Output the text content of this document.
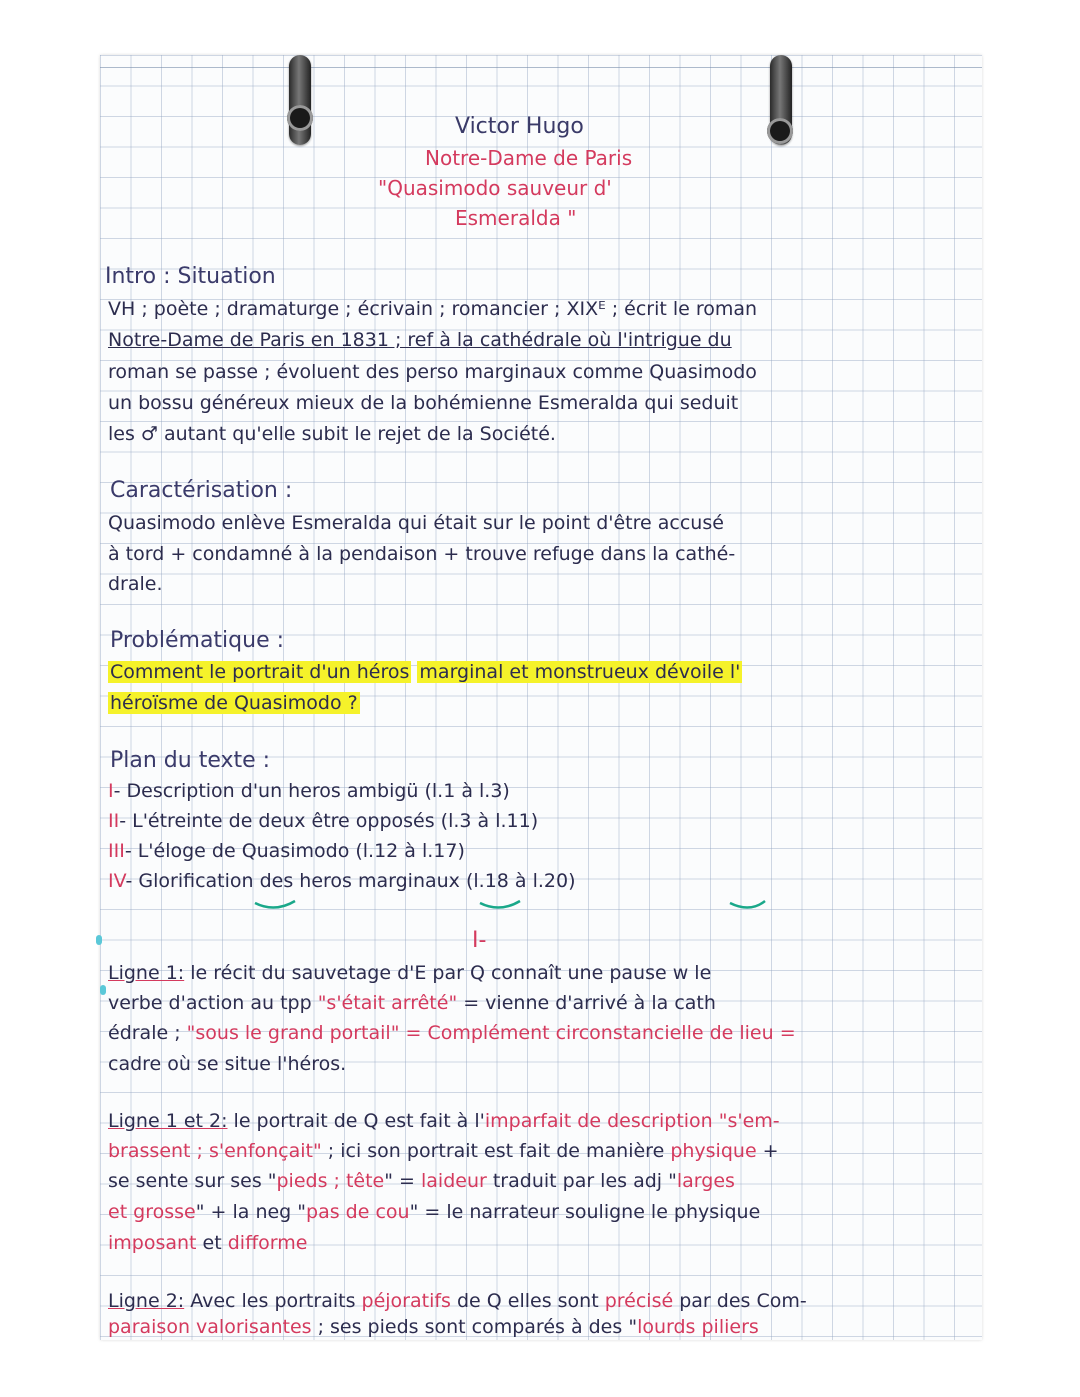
Victor Hugo
Notre-Dame de Paris
"Quasimodo sauveur d'
Esmeralda "
Intro : Situation
VH ; poète ; dramaturge ; écrivain ; romancier ; XIXᴱ ; écrit le roman
Notre-Dame de Paris en 1831 ; ref à la cathédrale où l'intrigue du
roman se passe ; évoluent des perso marginaux comme Quasimodo
un bossu généreux mieux de la bohémienne Esmeralda qui seduit
les ♂ autant qu'elle subit le rejet de la Société.
Caractérisation :
Quasimodo enlève Esmeralda qui était sur le point d'être accusé
à tord + condamné à la pendaison + trouve refuge dans la cathé-
drale.
Problématique :
Comment le portrait d'un héros marginal et monstrueux dévoile l'
héroïsme de Quasimodo ?
Plan du texte :
I- Description d'un heros ambigü (l.1 à l.3)
II- L'étreinte de deux être opposés (l.3 à l.11)
III- L'éloge de Quasimodo (l.12 à l.17)
IV- Glorification des heros marginaux (l.18 à l.20)
I-
Ligne 1: le récit du sauvetage d'E par Q connaît une pause w le
verbe d'action au tpp "s'était arrêté" = vienne d'arrivé à la cath
édrale ; "sous le grand portail" = Complément circonstancielle de lieu =
cadre où se situe l'héros.
Ligne 1 et 2: le portrait de Q est fait à l'imparfait de description "s'em-
brassent ; s'enfonçait" ; ici son portrait est fait de manière physique +
se sente sur ses "pieds ; tête" = laideur traduit par les adj "larges
et grosse" + la neg "pas de cou" = le narrateur souligne le physique
imposant et difforme
Ligne 2: Avec les portraits péjoratifs de Q elles sont précisé par des Com-
paraison valorisantes ; ses pieds sont comparés à des "lourds piliers
